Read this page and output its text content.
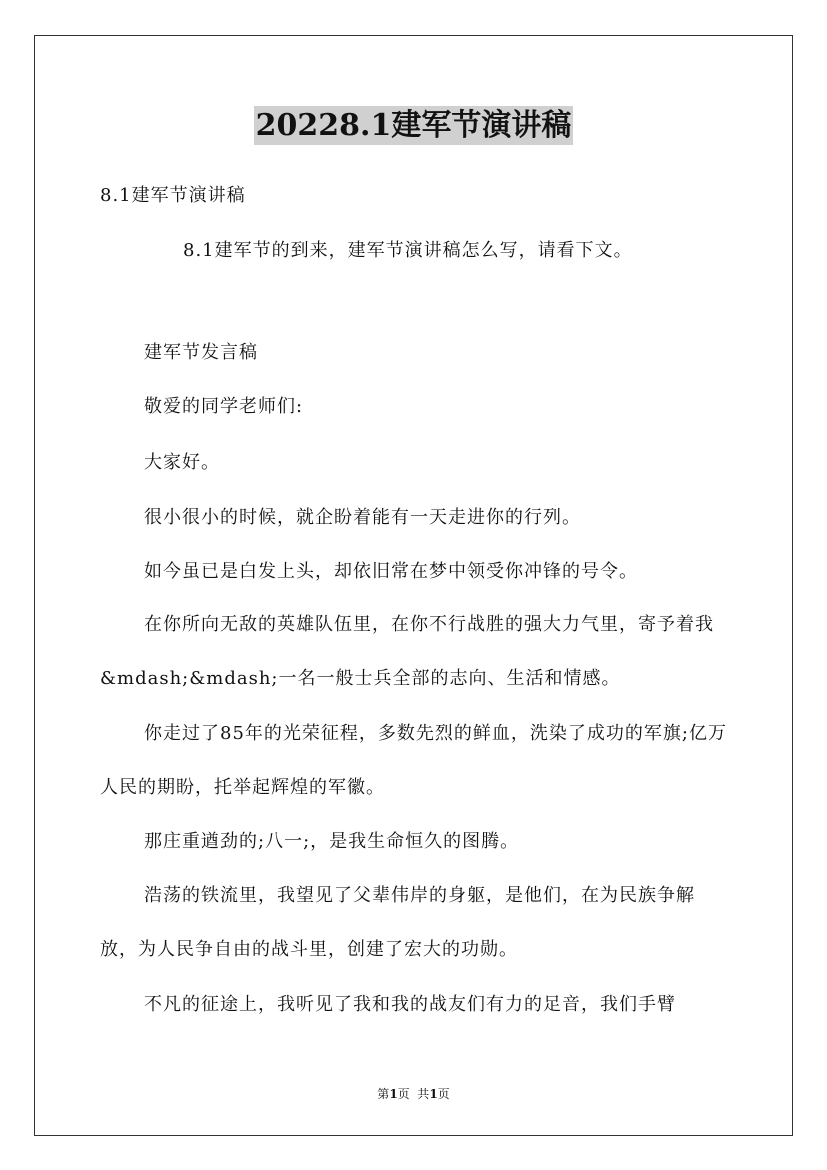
20228.1建军节演讲稿
8.1建军节演讲稿
8.1建军节的到来，建军节演讲稿怎么写，请看下文。
建军节发言稿
敬爱的同学老师们:
大家好。
很小很小的时候，就企盼着能有一天走进你的行列。
如今虽已是白发上头，却依旧常在梦中领受你冲锋的号令。
在你所向无敌的英雄队伍里，在你不行战胜的强大力气里，寄予着我&mdash;&mdash;一名一般士兵全部的志向、生活和情感。
你走过了85年的光荣征程，多数先烈的鲜血，洗染了成功的军旗;亿万人民的期盼，托举起辉煌的军徽。
那庄重遒劲的;八一;，是我生命恒久的图腾。
浩荡的铁流里，我望见了父辈伟岸的身躯，是他们，在为民族争解放，为人民争自由的战斗里，创建了宏大的功勋。
不凡的征途上，我听见了我和我的战友们有力的足音，我们手臂
第1页  共1页
